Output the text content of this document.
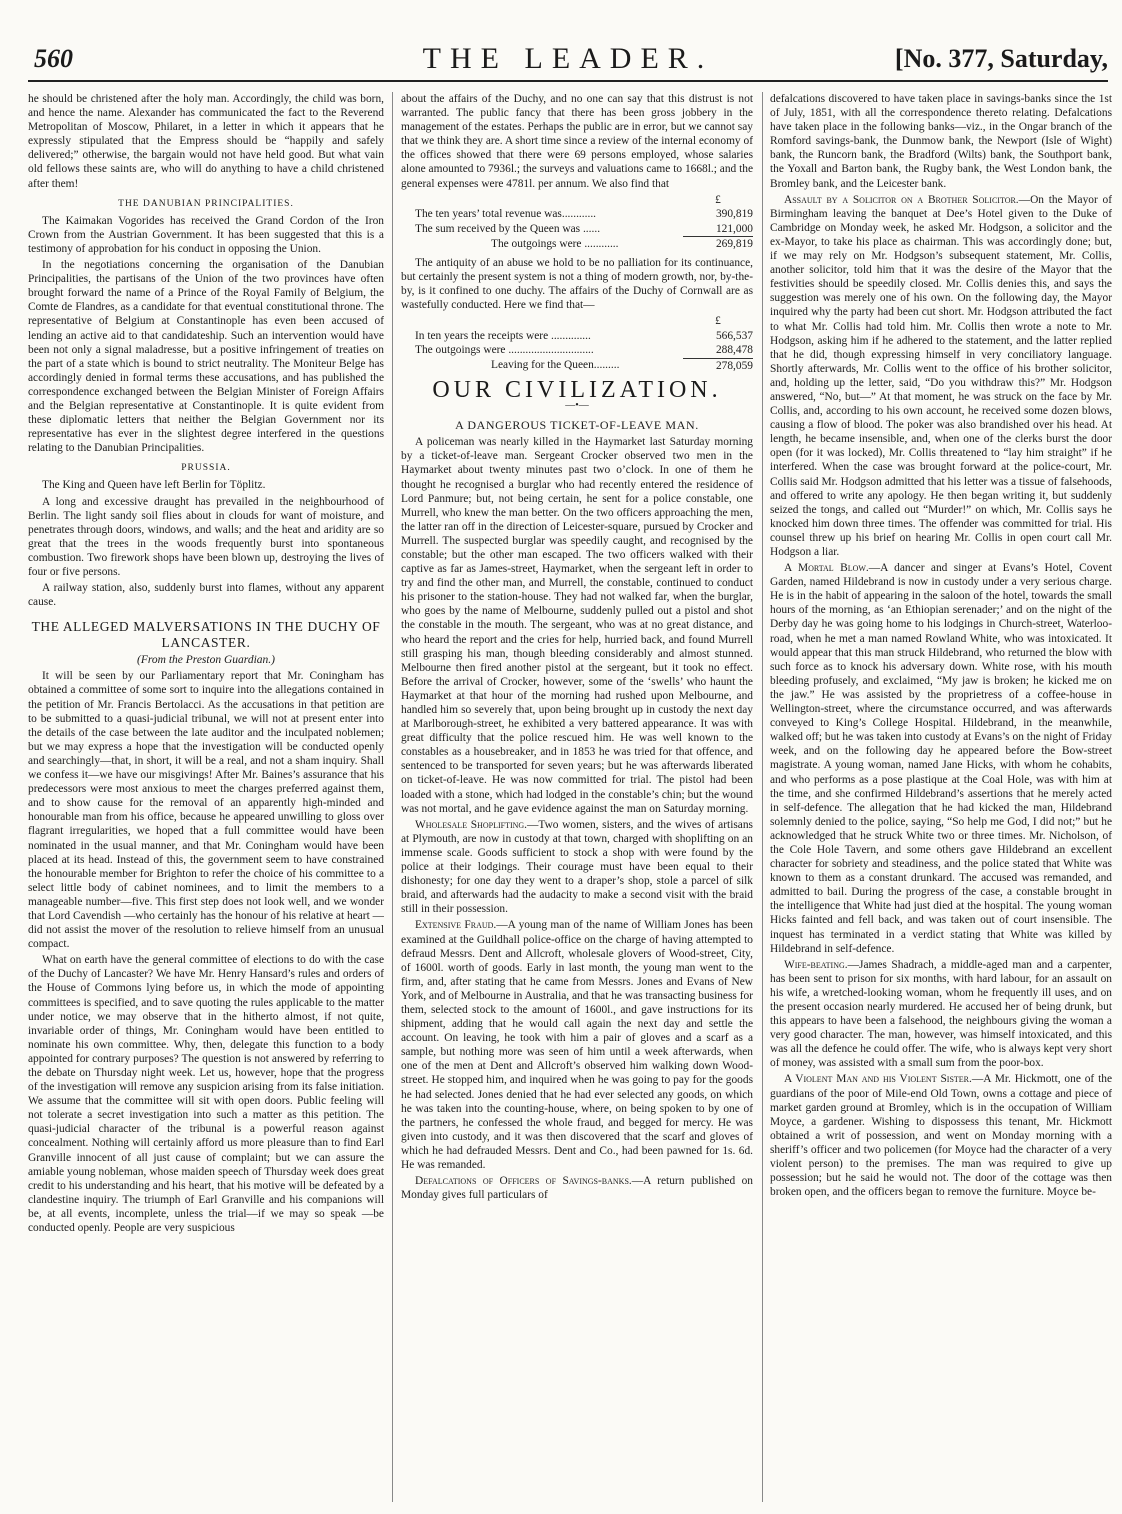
560	THE LEADER.	[No. 377, Saturday,

he should be christened after the holy man. Accordingly, the child was born, and hence the name. Alexander has communicated the fact to the Reverend Metropolitan of Moscow, Philaret, in a letter in which it appears that he expressly stipulated that the Empress should be “happily and safely delivered;” otherwise, the bargain would not have held good. But what vain old fellows these saints are, who will do anything to have a child christened after them!

THE DANUBIAN PRINCIPALITIES.

The Kaimakan Vogorides has received the Grand Cordon of the Iron Crown from the Austrian Government. It has been suggested that this is a testimony of approbation for his conduct in opposing the Union.

In the negotiations concerning the organisation of the Danubian Principalities, the partisans of the Union of the two provinces have often brought forward the name of a Prince of the Royal Family of Belgium, the Comte de Flandres, as a candidate for that eventual constitutional throne. The representative of Belgium at Constantinople has even been accused of lending an active aid to that candidateship. Such an intervention would have been not only a signal maladresse, but a positive infringement of treaties on the part of a state which is bound to strict neutrality. The Moniteur Belge has accordingly denied in formal terms these accusations, and has published the correspondence exchanged between the Belgian Minister of Foreign Affairs and the Belgian representative at Constantinople. It is quite evident from these diplomatic letters that neither the Belgian Government nor its representative has ever in the slightest degree interfered in the questions relating to the Danubian Principalities.

PRUSSIA.

The King and Queen have left Berlin for Töplitz.

A long and excessive draught has prevailed in the neighbourhood of Berlin. The light sandy soil flies about in clouds for want of moisture, and penetrates through doors, windows, and walls; and the heat and aridity are so great that the trees in the woods frequently burst into spontaneous combustion. Two firework shops have been blown up, destroying the lives of four or five persons.

A railway station, also, suddenly burst into flames, without any apparent cause.

THE ALLEGED MALVERSATIONS IN THE DUCHY OF LANCASTER.
(From the Preston Guardian.)

It will be seen by our Parliamentary report that Mr. Coningham has obtained a committee of some sort to inquire into the allegations contained in the petition of Mr. Francis Bertolacci. As the accusations in that petition are to be submitted to a quasi-judicial tribunal, we will not at present enter into the details of the case between the late auditor and the inculpated noblemen; but we may express a hope that the investigation will be conducted openly and searchingly—that, in short, it will be a real, and not a sham inquiry. Shall we confess it—we have our misgivings! After Mr. Baines’s assurance that his predecessors were most anxious to meet the charges preferred against them, and to show cause for the removal of an apparently high-minded and honourable man from his office, because he appeared unwilling to gloss over flagrant irregularities, we hoped that a full committee would have been nominated in the usual manner, and that Mr. Coningham would have been placed at its head. Instead of this, the government seem to have constrained the honourable member for Brighton to refer the choice of his committee to a select little body of cabinet nominees, and to limit the members to a manageable number—five. This first step does not look well, and we wonder that Lord Cavendish —who certainly has the honour of his relative at heart —did not assist the mover of the resolution to relieve himself from an unusual compact.

What on earth have the general committee of elections to do with the case of the Duchy of Lancaster? We have Mr. Henry Hansard’s rules and orders of the House of Commons lying before us, in which the mode of appointing committees is specified, and to save quoting the rules applicable to the matter under notice, we may observe that in the hitherto almost, if not quite, invariable order of things, Mr. Coningham would have been entitled to nominate his own committee. Why, then, delegate this function to a body appointed for contrary purposes? The question is not answered by referring to the debate on Thursday night week. Let us, however, hope that the progress of the investigation will remove any suspicion arising from its false initiation. We assume that the committee will sit with open doors. Public feeling will not tolerate a secret investigation into such a matter as this petition. The quasi-judicial character of the tribunal is a powerful reason against concealment. Nothing will certainly afford us more pleasure than to find Earl Granville innocent of all just cause of complaint; but we can assure the amiable young nobleman, whose maiden speech of Thursday week does great credit to his understanding and his heart, that his motive will be defeated by a clandestine inquiry. The triumph of Earl Granville and his companions will be, at all events, incomplete, unless the trial—if we may so speak —be conducted openly. People are very suspicious

about the affairs of the Duchy, and no one can say that this distrust is not warranted. The public fancy that there has been gross jobbery in the management of the estates. Perhaps the public are in error, but we cannot say that we think they are. A short time since a review of the internal economy of the offices showed that there were 69 persons employed, whose salaries alone amounted to 7936l.; the surveys and valuations came to 1668l.; and the general expenses were 4781l. per annum. We also find that

	£
The ten years’ total revenue was............	390,819
The sum received by the Queen was ......	121,000
The outgoings were ............	269,819

The antiquity of an abuse we hold to be no palliation for its continuance, but certainly the present system is not a thing of modern growth, nor, by-the-by, is it confined to one duchy. The affairs of the Duchy of Cornwall are as wastefully conducted. Here we find that—

	£
In ten years the receipts were ..............	566,537
The outgoings were ..............................	288,478
Leaving for the Queen.........	278,059
OUR CIVILIZATION.
—•—
A DANGEROUS TICKET-OF-LEAVE MAN.

A policeman was nearly killed in the Haymarket last Saturday morning by a ticket-of-leave man. Sergeant Crocker observed two men in the Haymarket about twenty minutes past two o’clock. In one of them he thought he recognised a burglar who had recently entered the residence of Lord Panmure; but, not being certain, he sent for a police constable, one Murrell, who knew the man better. On the two officers approaching the men, the latter ran off in the direction of Leicester-square, pursued by Crocker and Murrell. The suspected burglar was speedily caught, and recognised by the constable; but the other man escaped. The two officers walked with their captive as far as James-street, Haymarket, when the sergeant left in order to try and find the other man, and Murrell, the constable, continued to conduct his prisoner to the station-house. They had not walked far, when the burglar, who goes by the name of Melbourne, suddenly pulled out a pistol and shot the constable in the mouth. The sergeant, who was at no great distance, and who heard the report and the cries for help, hurried back, and found Murrell still grasping his man, though bleeding considerably and almost stunned. Melbourne then fired another pistol at the sergeant, but it took no effect. Before the arrival of Crocker, however, some of the ‘swells’ who haunt the Haymarket at that hour of the morning had rushed upon Melbourne, and handled him so severely that, upon being brought up in custody the next day at Marlborough-street, he exhibited a very battered appearance. It was with great difficulty that the police rescued him. He was well known to the constables as a housebreaker, and in 1853 he was tried for that offence, and sentenced to be transported for seven years; but he was afterwards liberated on ticket-of-leave. He was now committed for trial. The pistol had been loaded with a stone, which had lodged in the constable’s chin; but the wound was not mortal, and he gave evidence against the man on Saturday morning.

Wholesale Shoplifting.—Two women, sisters, and the wives of artisans at Plymouth, are now in custody at that town, charged with shoplifting on an immense scale. Goods sufficient to stock a shop with were found by the police at their lodgings. Their courage must have been equal to their dishonesty; for one day they went to a draper’s shop, stole a parcel of silk braid, and afterwards had the audacity to make a second visit with the braid still in their possession.

Extensive Fraud.—A young man of the name of William Jones has been examined at the Guildhall police-office on the charge of having attempted to defraud Messrs. Dent and Allcroft, wholesale glovers of Wood-street, City, of 1600l. worth of goods. Early in last month, the young man went to the firm, and, after stating that he came from Messrs. Jones and Evans of New York, and of Melbourne in Australia, and that he was transacting business for them, selected stock to the amount of 1600l., and gave instructions for its shipment, adding that he would call again the next day and settle the account. On leaving, he took with him a pair of gloves and a scarf as a sample, but nothing more was seen of him until a week afterwards, when one of the men at Dent and Allcroft’s observed him walking down Wood-street. He stopped him, and inquired when he was going to pay for the goods he had selected. Jones denied that he had ever selected any goods, on which he was taken into the counting-house, where, on being spoken to by one of the partners, he confessed the whole fraud, and begged for mercy. He was given into custody, and it was then discovered that the scarf and gloves of which he had defrauded Messrs. Dent and Co., had been pawned for 1s. 6d. He was remanded.

Defalcations of Officers of Savings-banks.—A return published on Monday gives full particulars of

defalcations discovered to have taken place in savings-banks since the 1st of July, 1851, with all the correspondence thereto relating. Defalcations have taken place in the following banks—viz., in the Ongar branch of the Romford savings-bank, the Dunmow bank, the Newport (Isle of Wight) bank, the Runcorn bank, the Bradford (Wilts) bank, the Southport bank, the Yoxall and Barton bank, the Rugby bank, the West London bank, the Bromley bank, and the Leicester bank.

Assault by a Solicitor on a Brother Solicitor.—On the Mayor of Birmingham leaving the banquet at Dee’s Hotel given to the Duke of Cambridge on Monday week, he asked Mr. Hodgson, a solicitor and the ex-Mayor, to take his place as chairman. This was accordingly done; but, if we may rely on Mr. Hodgson’s subsequent statement, Mr. Collis, another solicitor, told him that it was the desire of the Mayor that the festivities should be speedily closed. Mr. Collis denies this, and says the suggestion was merely one of his own. On the following day, the Mayor inquired why the party had been cut short. Mr. Hodgson attributed the fact to what Mr. Collis had told him. Mr. Collis then wrote a note to Mr. Hodgson, asking him if he adhered to the statement, and the latter replied that he did, though expressing himself in very conciliatory language. Shortly afterwards, Mr. Collis went to the office of his brother solicitor, and, holding up the letter, said, “Do you withdraw this?” Mr. Hodgson answered, “No, but—” At that moment, he was struck on the face by Mr. Collis, and, according to his own account, he received some dozen blows, causing a flow of blood. The poker was also brandished over his head. At length, he became insensible, and, when one of the clerks burst the door open (for it was locked), Mr. Collis threatened to “lay him straight” if he interfered. When the case was brought forward at the police-court, Mr. Collis said Mr. Hodgson admitted that his letter was a tissue of falsehoods, and offered to write any apology. He then began writing it, but suddenly seized the tongs, and called out “Murder!” on which, Mr. Collis says he knocked him down three times. The offender was committed for trial. His counsel threw up his brief on hearing Mr. Collis in open court call Mr. Hodgson a liar.

A Mortal Blow.—A dancer and singer at Evans’s Hotel, Covent Garden, named Hildebrand is now in custody under a very serious charge. He is in the habit of appearing in the saloon of the hotel, towards the small hours of the morning, as ‘an Ethiopian serenader;’ and on the night of the Derby day he was going home to his lodgings in Church-street, Waterloo-road, when he met a man named Rowland White, who was intoxicated. It would appear that this man struck Hildebrand, who returned the blow with such force as to knock his adversary down. White rose, with his mouth bleeding profusely, and exclaimed, “My jaw is broken; he kicked me on the jaw.” He was assisted by the proprietress of a coffee-house in Wellington-street, where the circumstance occurred, and was afterwards conveyed to King’s College Hospital. Hildebrand, in the meanwhile, walked off; but he was taken into custody at Evans’s on the night of Friday week, and on the following day he appeared before the Bow-street magistrate. A young woman, named Jane Hicks, with whom he cohabits, and who performs as a pose plastique at the Coal Hole, was with him at the time, and she confirmed Hildebrand’s assertions that he merely acted in self-defence. The allegation that he had kicked the man, Hildebrand solemnly denied to the police, saying, “So help me God, I did not;” but he acknowledged that he struck White two or three times. Mr. Nicholson, of the Cole Hole Tavern, and some others gave Hildebrand an excellent character for sobriety and steadiness, and the police stated that White was known to them as a constant drunkard. The accused was remanded, and admitted to bail. During the progress of the case, a constable brought in the intelligence that White had just died at the hospital. The young woman Hicks fainted and fell back, and was taken out of court insensible. The inquest has terminated in a verdict stating that White was killed by Hildebrand in self-defence.

Wife-beating.—James Shadrach, a middle-aged man and a carpenter, has been sent to prison for six months, with hard labour, for an assault on his wife, a wretched-looking woman, whom he frequently ill uses, and on the present occasion nearly murdered. He accused her of being drunk, but this appears to have been a falsehood, the neighbours giving the woman a very good character. The man, however, was himself intoxicated, and this was all the defence he could offer. The wife, who is always kept very short of money, was assisted with a small sum from the poor-box.

A Violent Man and his Violent Sister.—A Mr. Hickmott, one of the guardians of the poor of Mile-end Old Town, owns a cottage and piece of market garden ground at Bromley, which is in the occupation of William Moyce, a gardener. Wishing to dispossess this tenant, Mr. Hickmott obtained a writ of possession, and went on Monday morning with a sheriff’s officer and two policemen (for Moyce had the character of a very violent person) to the premises. The man was required to give up possession; but he said he would not. The door of the cottage was then broken open, and the officers began to remove the furniture. Moyce be-
